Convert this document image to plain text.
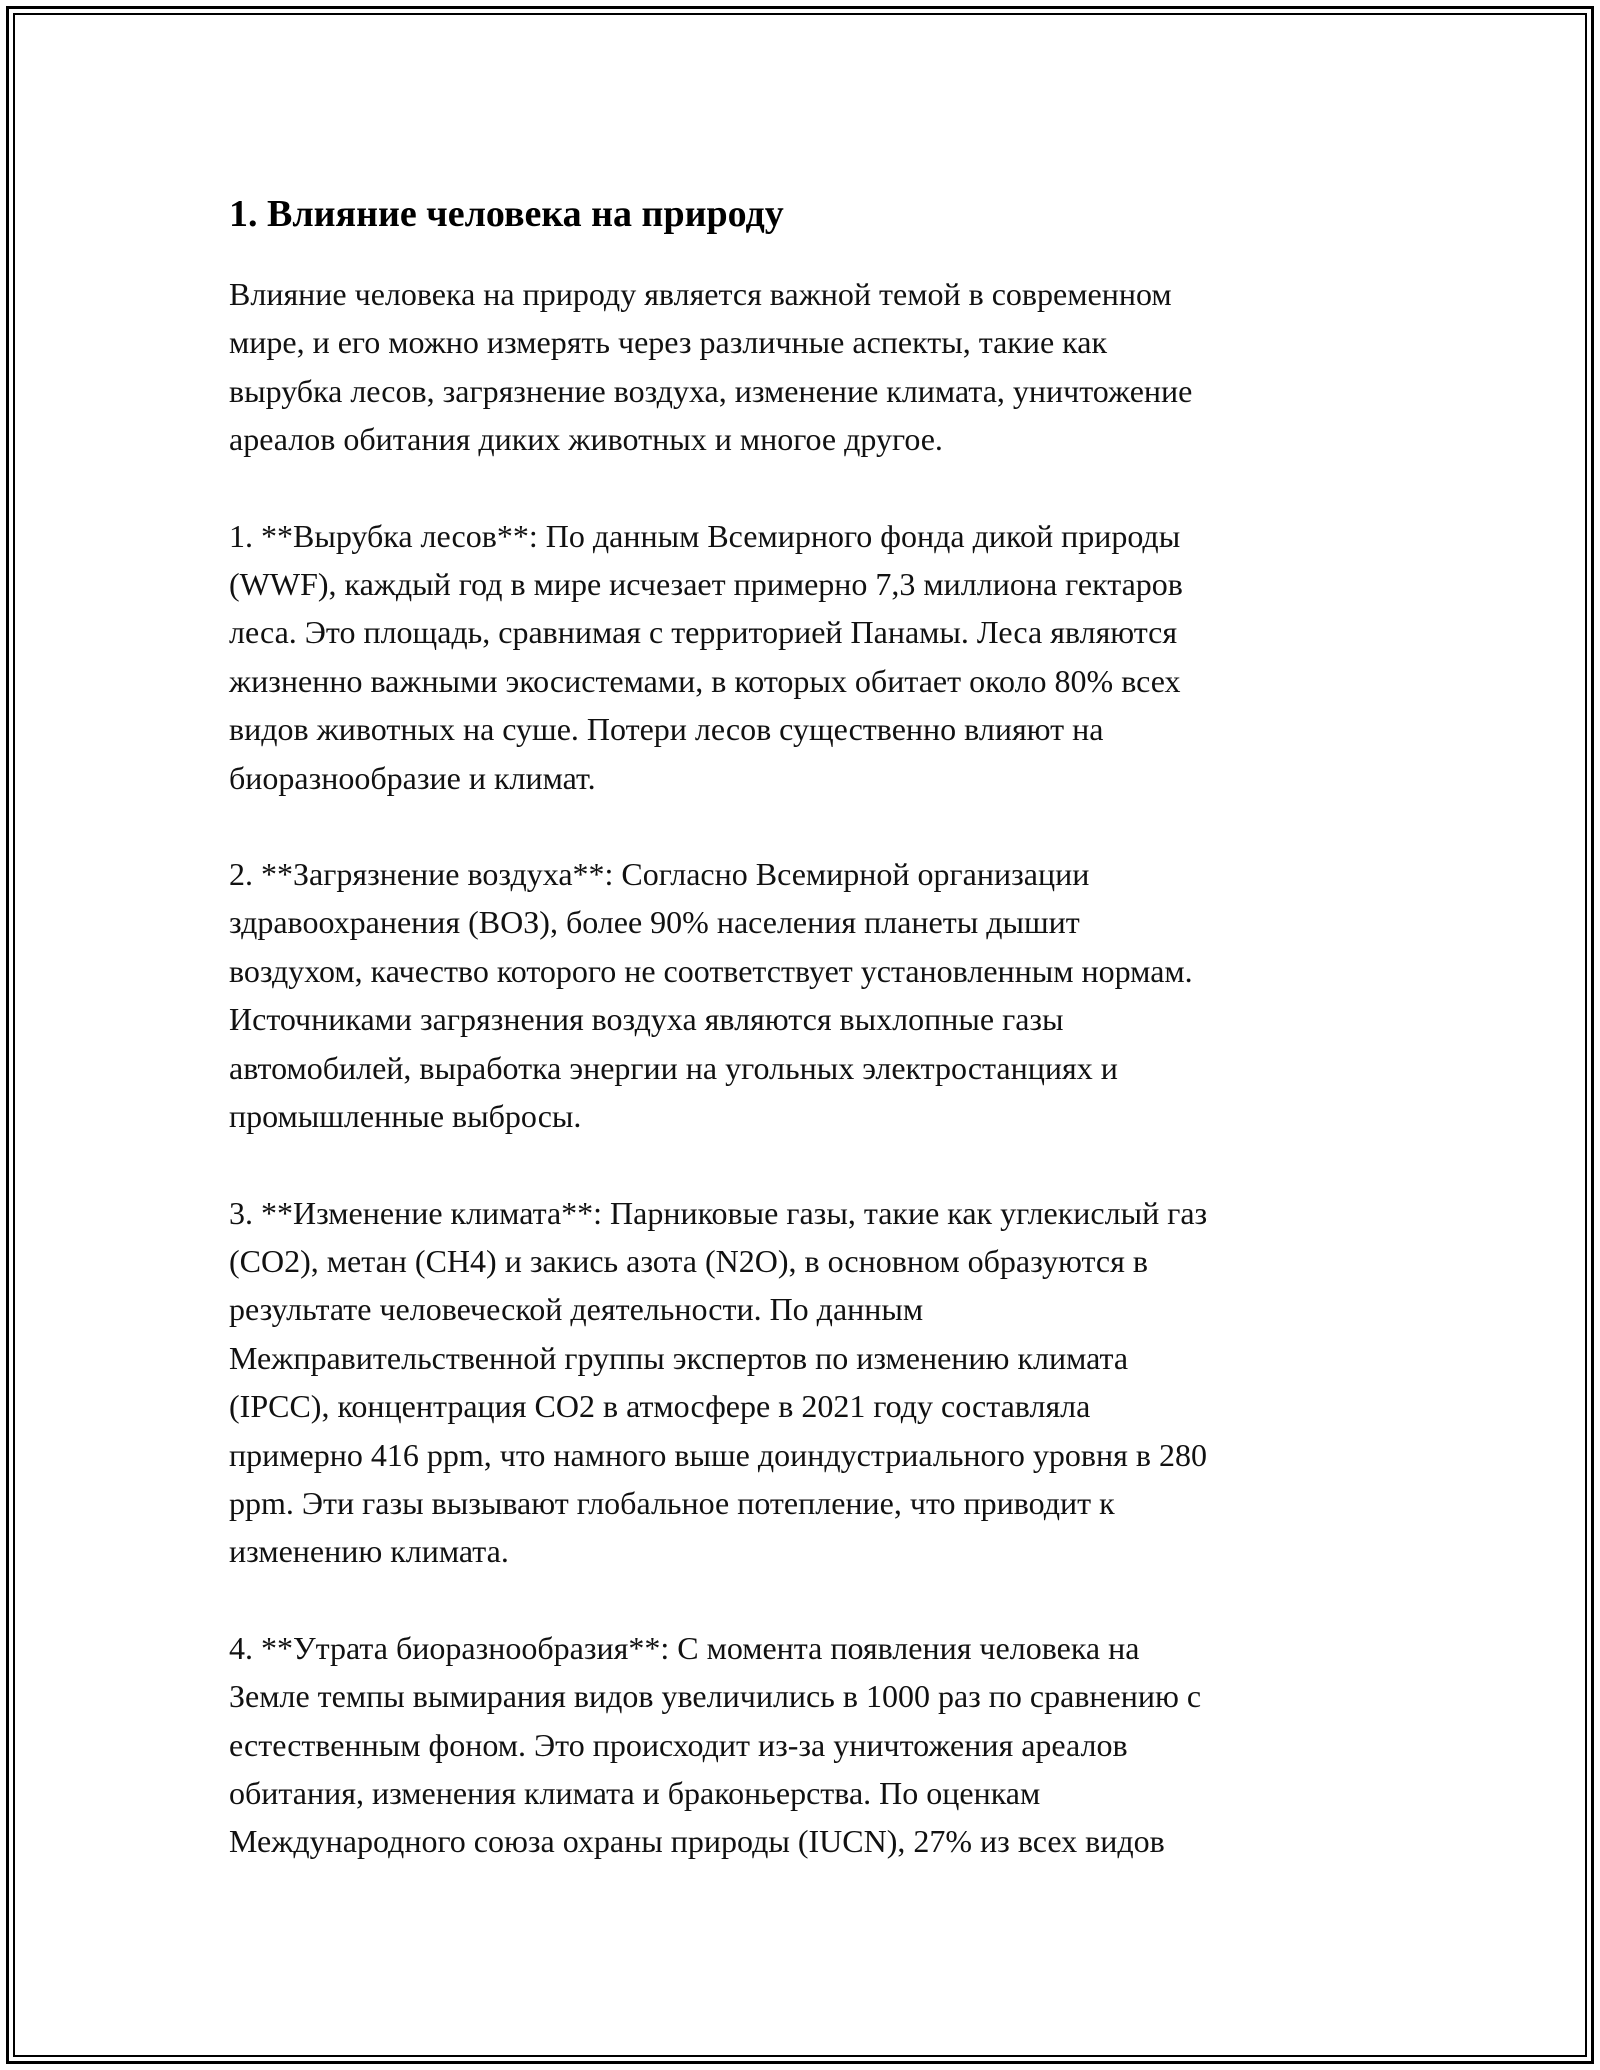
1. Влияние человека на природу

Влияние человека на природу является важной темой в современном
мире, и его можно измерять через различные аспекты, такие как
вырубка лесов, загрязнение воздуха, изменение климата, уничтожение
ареалов обитания диких животных и многое другое.

1. **Вырубка лесов**: По данным Всемирного фонда дикой природы
(WWF), каждый год в мире исчезает примерно 7,3 миллиона гектаров
леса. Это площадь, сравнимая с территорией Панамы. Леса являются
жизненно важными экосистемами, в которых обитает около 80% всех
видов животных на суше. Потери лесов существенно влияют на
биоразнообразие и климат.

2. **Загрязнение воздуха**: Согласно Всемирной организации
здравоохранения (ВОЗ), более 90% населения планеты дышит
воздухом, качество которого не соответствует установленным нормам.
Источниками загрязнения воздуха являются выхлопные газы
автомобилей, выработка энергии на угольных электростанциях и
промышленные выбросы.

3. **Изменение климата**: Парниковые газы, такие как углекислый газ
(CO2), метан (CH4) и закись азота (N2O), в основном образуются в
результате человеческой деятельности. По данным
Межправительственной группы экспертов по изменению климата
(IPCC), концентрация CO2 в атмосфере в 2021 году составляла
примерно 416 ppm, что намного выше доиндустриального уровня в 280
ppm. Эти газы вызывают глобальное потепление, что приводит к
изменению климата.

4. **Утрата биоразнообразия**: С момента появления человека на
Земле темпы вымирания видов увеличились в 1000 раз по сравнению с
естественным фоном. Это происходит из-за уничтожения ареалов
обитания, изменения климата и браконьерства. По оценкам
Международного союза охраны природы (IUCN), 27% из всех видов
